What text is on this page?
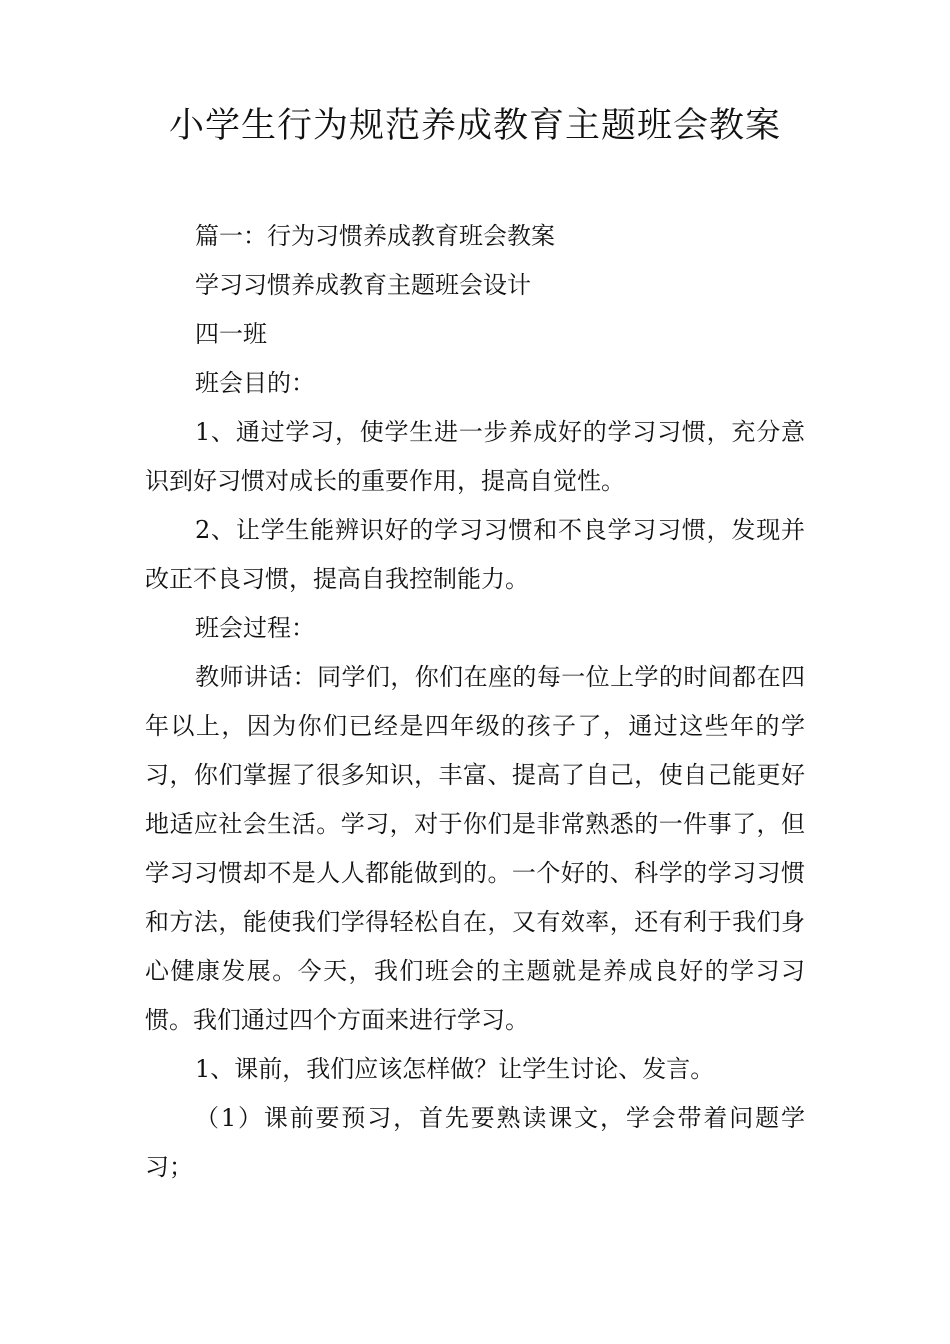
小学生行为规范养成教育主题班会教案

篇一：行为习惯养成教育班会教案

学习习惯养成教育主题班会设计

四一班

班会目的：

1、通过学习，使学生进一步养成好的学习习惯，充分意识到好习惯对成长的重要作用，提高自觉性。

2、让学生能辨识好的学习习惯和不良学习习惯，发现并改正不良习惯，提高自我控制能力。

班会过程：

教师讲话：同学们，你们在座的每一位上学的时间都在四年以上，因为你们已经是四年级的孩子了，通过这些年的学习，你们掌握了很多知识，丰富、提高了自己，使自己能更好地适应社会生活。学习，对于你们是非常熟悉的一件事了，但学习习惯却不是人人都能做到的。一个好的、科学的学习习惯和方法，能使我们学得轻松自在，又有效率，还有利于我们身心健康发展。今天，我们班会的主题就是养成良好的学习习惯。我们通过四个方面来进行学习。

1、课前，我们应该怎样做？让学生讨论、发言。

（1）课前要预习，首先要熟读课文，学会带着问题学习；
